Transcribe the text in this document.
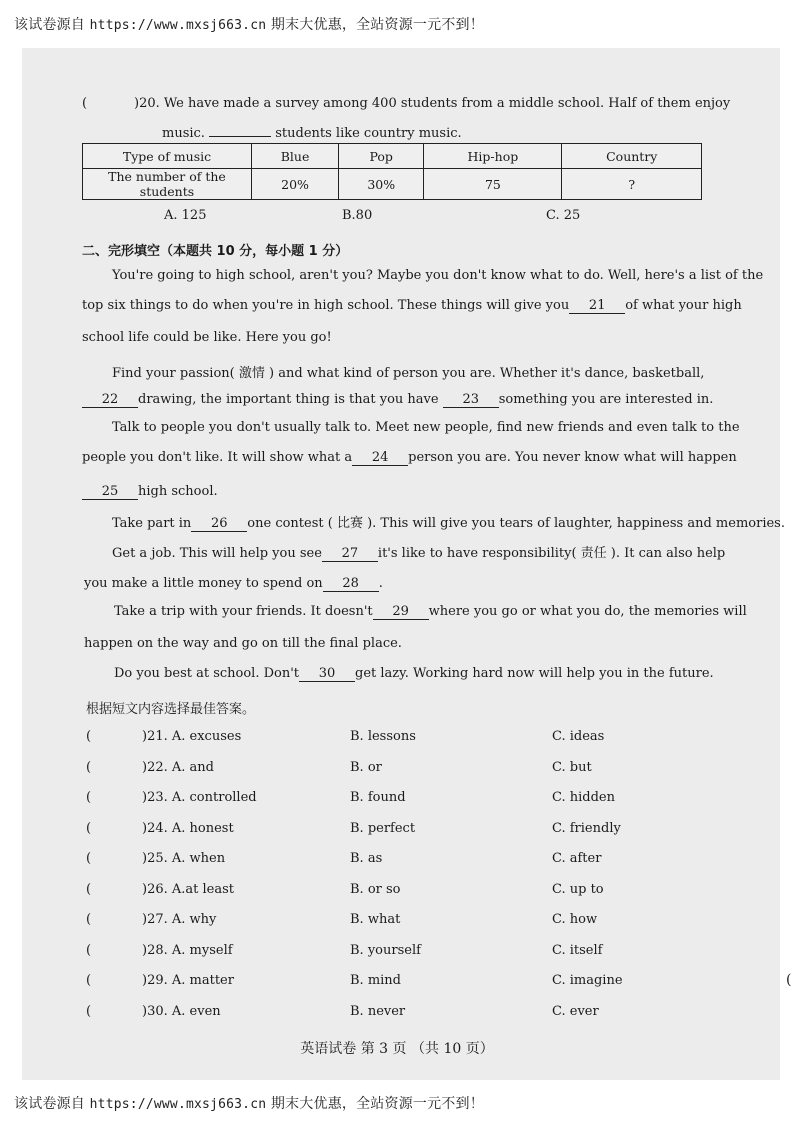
该试卷源自 https://www.mxsj663.cn 期末大优惠，全站资源一元不到！
(	)20. We have made a survey among 400 students from a middle school. Half of them enjoy
music.	students like country music.
Type of music	Blue	Pop	Hip-hop	Country
The number of the students	20%	30%	75	?
A. 125	B.80	C. 25
二、完形填空（本题共 10 分，每小题 1 分）
You're going to high school, aren't you? Maybe you don't know what to do. Well, here's a list of the
top six things to do when you're in high school. These things will give you 21 of what your high
school life could be like. Here you go!
Find your passion( 激情 ) and what kind of person you are. Whether it's dance, basketball,
22 drawing, the important thing is that you have 23 something you are interested in.
Talk to people you don't usually talk to. Meet new people, find new friends and even talk to the
people you don't like. It will show what a 24 person you are. You never know what will happen
25 high school.
Take part in 26 one contest ( 比赛 ). This will give you tears of laughter, happiness and memories.
Get a job. This will help you see 27 it's like to have responsibility( 责任 ). It can also help
you make a little money to spend on 28 .
Take a trip with your friends. It doesn't 29 where you go or what you do, the memories will
happen on the way and go on till the final place.
Do you best at school. Don't 30 get lazy. Working hard now will help you in the future.
根据短文内容选择最佳答案。
(	)21. A. excuses	B. lessons	C. ideas
(	)22. A. and	B. or	C. but
(	)23. A. controlled	B. found	C. hidden
(	)24. A. honest	B. perfect	C. friendly
(	)25. A. when	B. as	C. after
(	)26. A.at least	B. or so	C. up to
(	)27. A. why	B. what	C. how
(	)28. A. myself	B. yourself	C. itself
(	)29. A. matter	B. mind	C. imagine
(	)30. A. even	B. never	C. ever
(
英语试卷 第 3 页 （共 10 页）
该试卷源自 https://www.mxsj663.cn 期末大优惠，全站资源一元不到！
